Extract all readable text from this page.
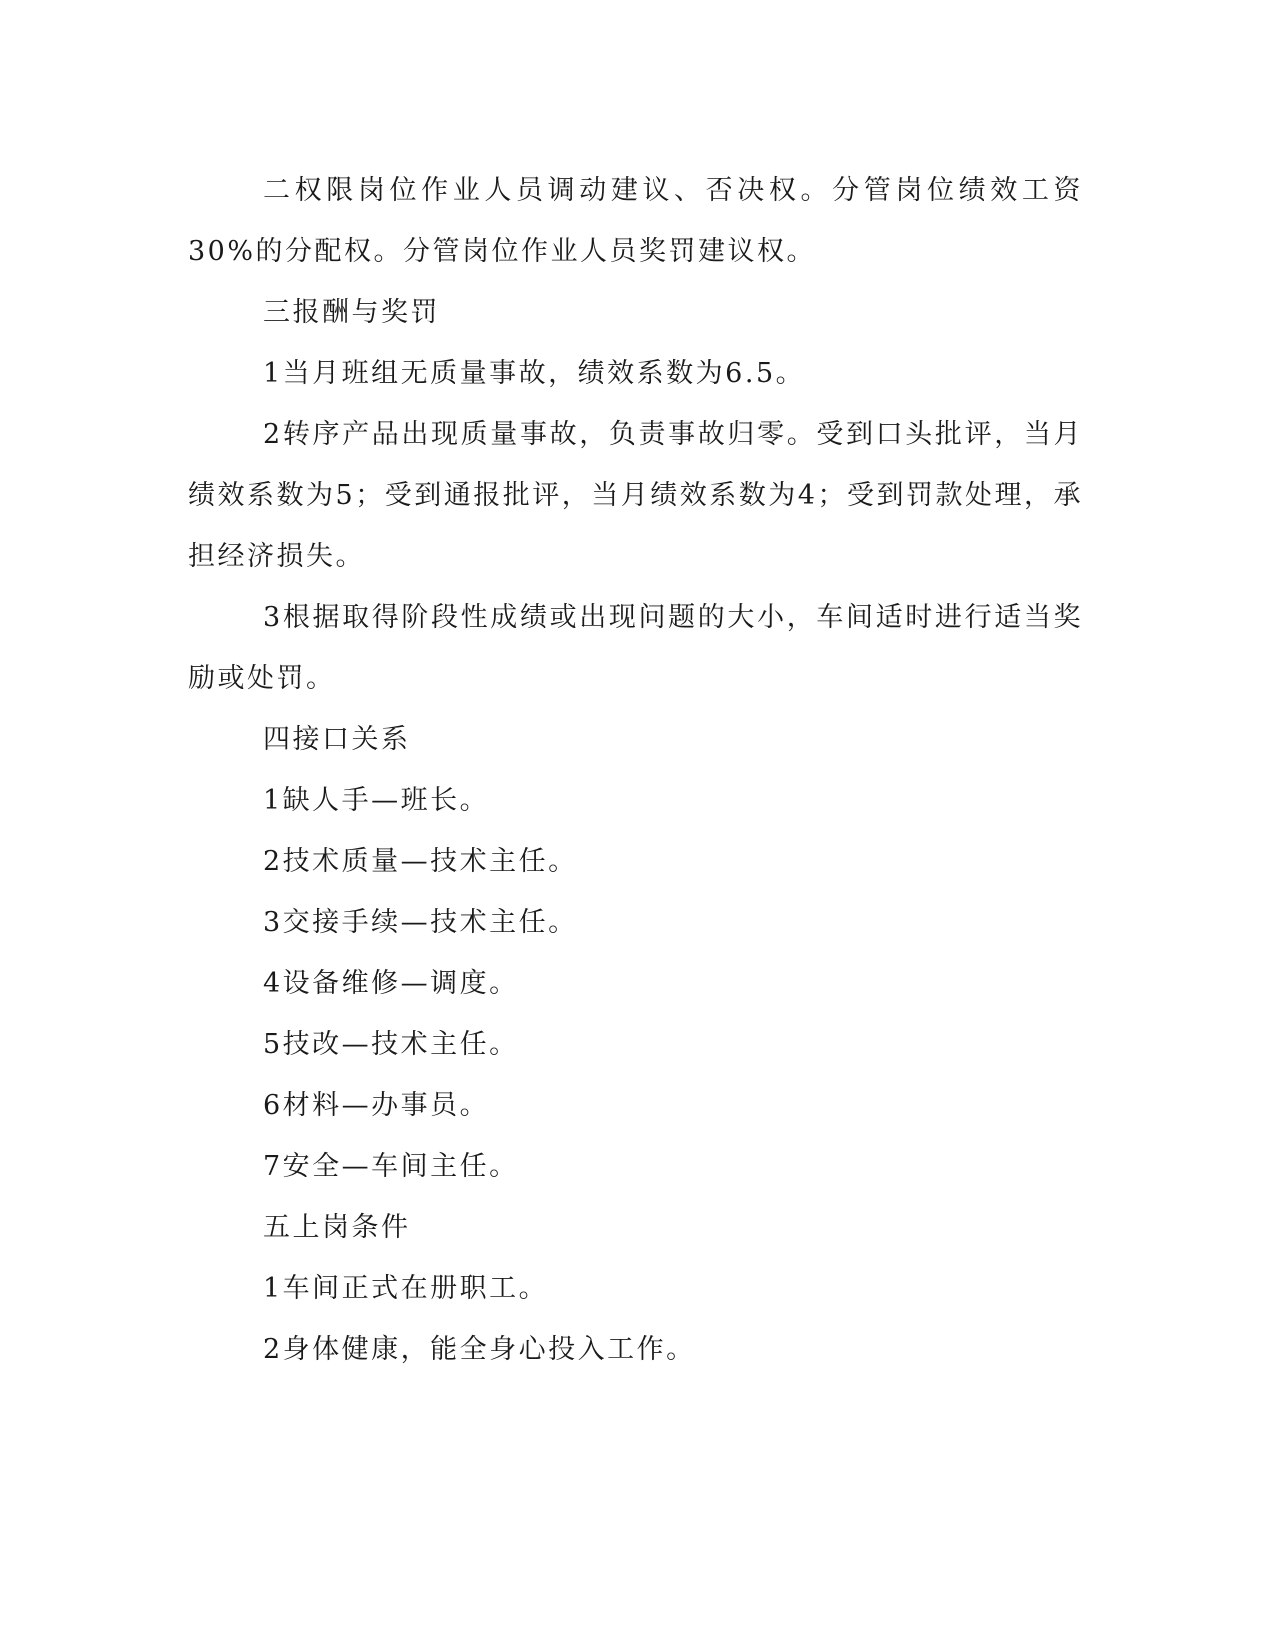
二权限岗位作业人员调动建议、否决权。分管岗位绩效工资30%的分配权。分管岗位作业人员奖罚建议权。

三报酬与奖罚

1当月班组无质量事故，绩效系数为6.5。

2转序产品出现质量事故，负责事故归零。受到口头批评，当月绩效系数为5；受到通报批评，当月绩效系数为4；受到罚款处理，承担经济损失。

3根据取得阶段性成绩或出现问题的大小，车间适时进行适当奖励或处罚。

四接口关系

1缺人手—班长。

2技术质量—技术主任。

3交接手续—技术主任。

4设备维修—调度。

5技改—技术主任。

6材料—办事员。

7安全—车间主任。

五上岗条件

1车间正式在册职工。

2身体健康，能全身心投入工作。
